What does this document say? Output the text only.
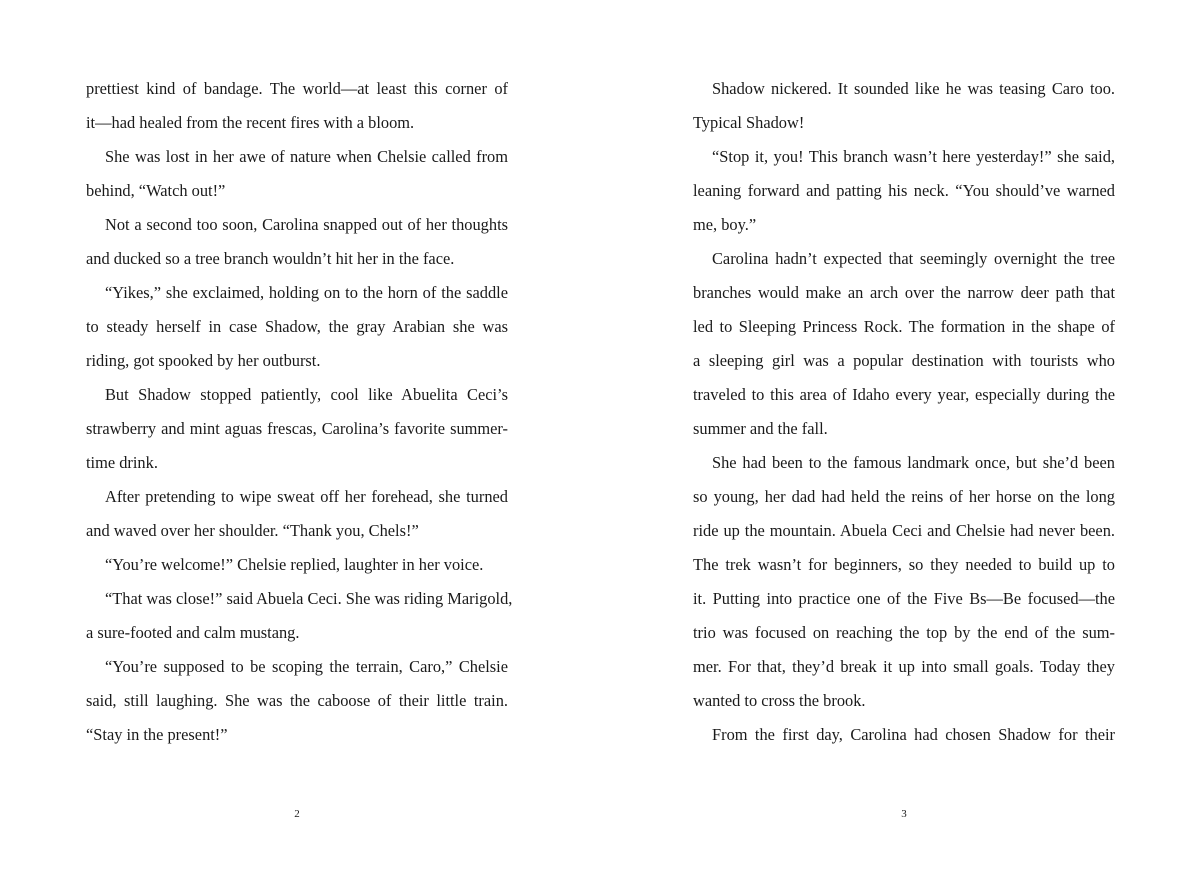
prettiest kind of bandage. The world—at least this corner of
it—had healed from the recent fires with a bloom.
She was lost in her awe of nature when Chelsie called from
behind, “Watch out!”
Not a second too soon, Carolina snapped out of her thoughts
and ducked so a tree branch wouldn’t hit her in the face.
“Yikes,” she exclaimed, holding on to the horn of the saddle
to steady herself in case Shadow, the gray Arabian she was
riding, got spooked by her outburst.
But Shadow stopped patiently, cool like Abuelita Ceci’s
strawberry and mint aguas frescas, Carolina’s favorite summer-
time drink.
After pretending to wipe sweat off her forehead, she turned
and waved over her shoulder. “Thank you, Chels!”
“You’re welcome!” Chelsie replied, laughter in her voice.
“That was close!” said Abuela Ceci. She was riding Marigold,
a sure-footed and calm mustang.
“You’re supposed to be scoping the terrain, Caro,” Chelsie
said, still laughing. She was the caboose of their little train.
“Stay in the present!”
2
Shadow nickered. It sounded like he was teasing Caro too.
Typical Shadow!
“Stop it, you! This branch wasn’t here yesterday!” she said,
leaning forward and patting his neck. “You should’ve warned
me, boy.”
Carolina hadn’t expected that seemingly overnight the tree
branches would make an arch over the narrow deer path that
led to Sleeping Princess Rock. The formation in the shape of
a sleeping girl was a popular destination with tourists who
traveled to this area of Idaho every year, especially during the
summer and the fall.
She had been to the famous landmark once, but she’d been
so young, her dad had held the reins of her horse on the long
ride up the mountain. Abuela Ceci and Chelsie had never been.
The trek wasn’t for beginners, so they needed to build up to
it. Putting into practice one of the Five Bs—Be focused—the
trio was focused on reaching the top by the end of the sum-
mer. For that, they’d break it up into small goals. Today they
wanted to cross the brook.
From the first day, Carolina had chosen Shadow for their
3
